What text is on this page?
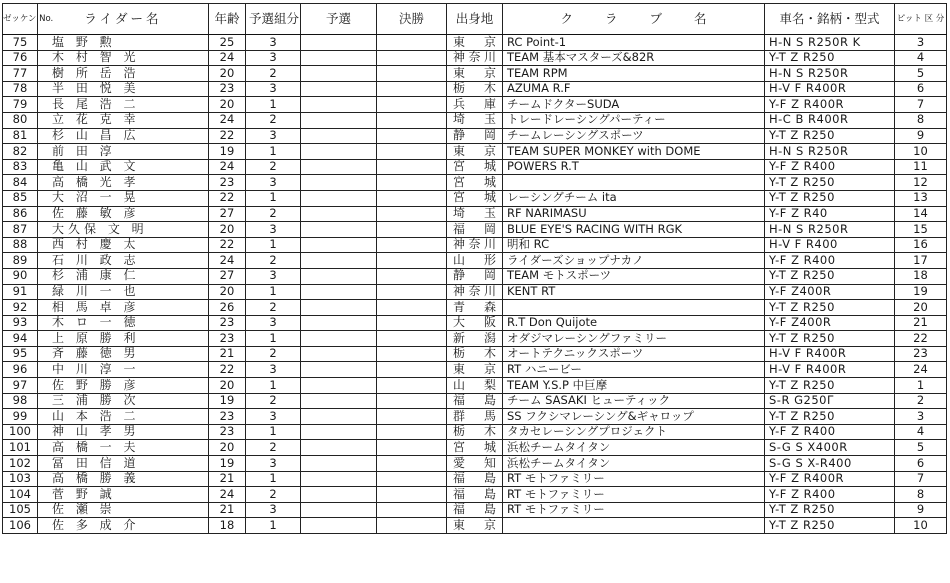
ゼッケン No.	ライダー名	年齢	予選組分	予選	決勝	出身地	ク ラ ブ 名	車名・銘柄・型式	ピット 区 分
75	塩 野 勲	25	3			東 京	RC Point-1	H-N S R250R K	3
76	木 村 智 光	24	3			神奈川	TEAM 基本マスターズ&82R	Y-T Z R250	4
77	樹 所 岳 浩	20	2			東 京	TEAM RPM	H-N S R250R	5
78	半 田 悦 美	23	3			栃 木	AZUMA R.F	H-V F R400R	6
79	長 尾 浩 二	20	1			兵 庫	チームドクターSUDA	Y-F Z R400R	7
80	立 花 克 幸	24	2			埼 玉	トレードレーシングパーティー	H-C B R400R	8
81	杉 山 昌 広	22	3			静 岡	チームレーシングスポーツ	Y-T Z R250	9
82	前 田 淳	19	1			東 京	TEAM SUPER MONKEY with DOME	H-N S R250R	10
83	亀 山 武 文	24	2			宮 城	POWERS R.T	Y-F Z R400	11
84	高 橋 光 孝	23	3			宮 城		Y-T Z R250	12
85	大 沼 一 晃	22	1			宮 城	レーシングチーム ita	Y-T Z R250	13
86	佐 藤 敏 彦	27	2			埼 玉	RF NARIMASU	Y-F Z R40	14
87	大久保 文 明	20	3			福 岡	BLUE EYE'S RACING WITH RGK	H-N S R250R	15
88	西 村 慶 太	22	1			神奈川	明和 RC	H-V F R400	16
89	石 川 政 志	24	2			山 形	ライダーズショップナカノ	Y-F Z R400	17
90	杉 浦 康 仁	27	3			静 岡	TEAM モトスポーツ	Y-T Z R250	18
91	緑 川 一 也	20	1			神奈川	KENT RT	Y-F Z400R	19
92	相 馬 卓 彦	26	2			青 森		Y-T Z R250	20
93	木 ロ 一 徳	23	3			大 阪	R.T Don Quijote	Y-F Z400R	21
94	上 原 勝 利	23	1			新 潟	オダジマレーシングファミリー	Y-T Z R250	22
95	斉 藤 徳 男	21	2			栃 木	オートテクニックスポーツ	H-V F R400R	23
96	中 川 淳 一	22	3			東 京	RT ハニービー	H-V F R400R	24
97	佐 野 勝 彦	20	1			山 梨	TEAM Y.S.P 中巨摩	Y-T Z R250	1
98	三 浦 勝 次	19	2			福 島	チーム SASAKI ヒューティック	S-R G250Γ	2
99	山 本 浩 二	23	3			群 馬	SS フクシマレーシング&ギャロップ	Y-T Z R250	3
100	神 山 孝 男	23	1			栃 木	タカセレーシングプロジェクト	Y-F Z R400	4
101	高 橋 一 夫	20	2			宮 城	浜松チームタイタン	S-G S X400R	5
102	冨 田 信 道	19	3			愛 知	浜松チームタイタン	S-G S X-R400	6
103	高 橋 勝 義	21	1			福 島	RT モトファミリー	Y-F Z R400R	7
104	菅 野 誠	24	2			福 島	RT モトファミリー	Y-F Z R400	8
105	佐 瀬 崇	21	3			福 島	RT モトファミリー	Y-T Z R250	9
106	佐 多 成 介	18	1			東 京		Y-T Z R250	10
